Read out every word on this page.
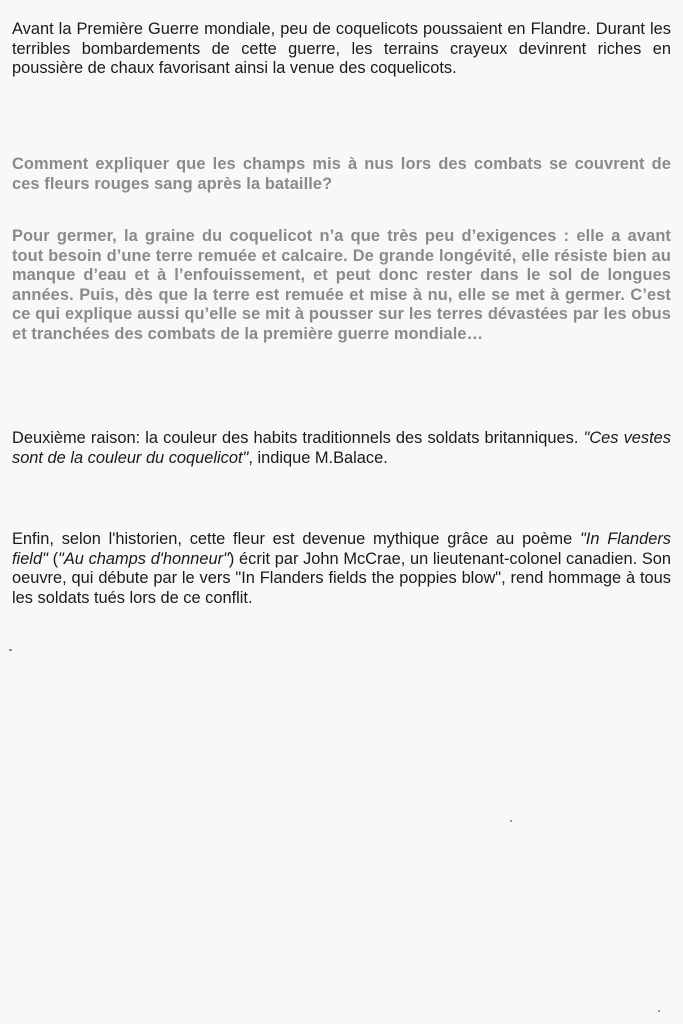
Avant la Première Guerre mondiale, peu de coquelicots poussaient en Flandre. Durant les terribles bombardements de cette guerre, les terrains crayeux devinrent riches en poussière de chaux favorisant ainsi la venue des coquelicots.

Comment expliquer que les champs mis à nus lors des combats se couvrent de ces fleurs rouges sang après la bataille?

Pour germer, la graine du coquelicot n’a que très peu d’exigences : elle a avant tout besoin d’une terre remuée et calcaire. De grande longévité, elle résiste bien au manque d’eau et à l’enfouissement, et peut donc rester dans le sol de longues années. Puis, dès que la terre est remuée et mise à nu, elle se met à germer. C’est ce qui explique aussi qu’elle se mit à pousser sur les terres dévastées par les obus et tranchées des combats de la première guerre mondiale…

Deuxième raison: la couleur des habits traditionnels des soldats britanniques. "Ces vestes sont de la couleur du coquelicot", indique M.Balace.

Enfin, selon l'historien, cette fleur est devenue mythique grâce au poème "In Flanders field" ("Au champs d'honneur") écrit par John McCrae, un lieutenant-colonel canadien. Son oeuvre, qui débute par le vers "In Flanders fields the poppies blow", rend hommage à tous les soldats tués lors de ce conflit.
